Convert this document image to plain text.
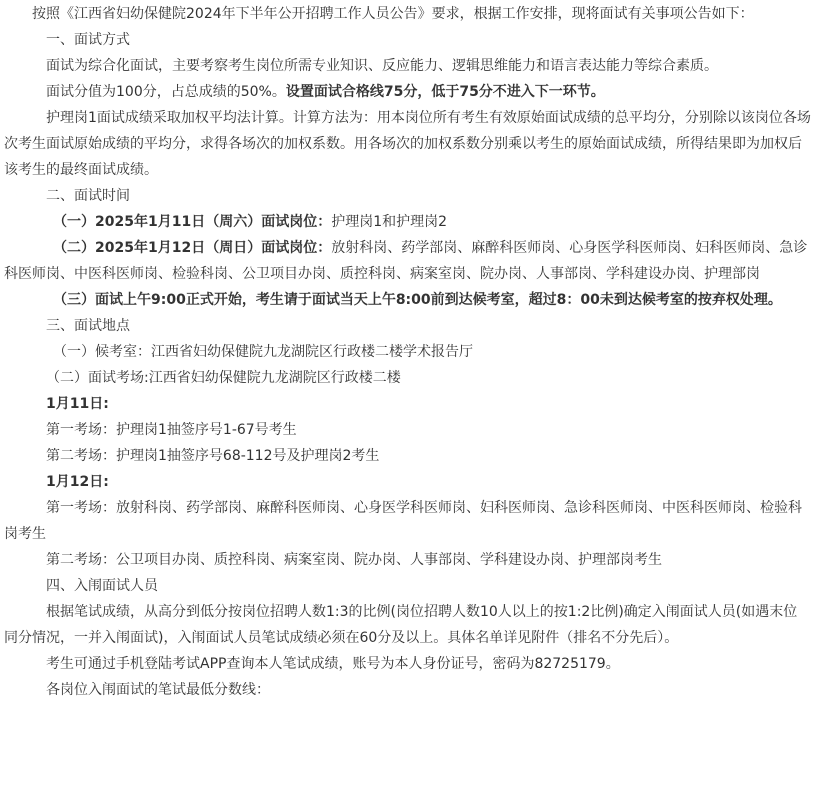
按照《江西省妇幼保健院2024年下半年公开招聘工作人员公告》要求，根据工作安排，现将面试有关事项公告如下：

一、面试方式

面试为综合化面试，主要考察考生岗位所需专业知识、反应能力、逻辑思维能力和语言表达能力等综合素质。

面试分值为100分，占总成绩的50%。设置面试合格线75分，低于75分不进入下一环节。

护理岗1面试成绩采取加权平均法计算。计算方法为：用本岗位所有考生有效原始面试成绩的总平均分，分别除以该岗位各场次考生面试原始成绩的平均分，求得各场次的加权系数。用各场次的加权系数分别乘以考生的原始面试成绩，所得结果即为加权后该考生的最终面试成绩。

二、面试时间

（一）2025年1月11日（周六）面试岗位：护理岗1和护理岗2

（二）2025年1月12日（周日）面试岗位：放射科岗、药学部岗、麻醉科医师岗、心身医学科医师岗、妇科医师岗、急诊科医师岗、中医科医师岗、检验科岗、公卫项目办岗、质控科岗、病案室岗、院办岗、人事部岗、学科建设办岗、护理部岗

（三）面试上午9:00正式开始，考生请于面试当天上午8:00前到达候考室，超过8：00未到达候考室的按弃权处理。

三、面试地点

（一）候考室：江西省妇幼保健院九龙湖院区行政楼二楼学术报告厅

（二）面试考场:江西省妇幼保健院九龙湖院区行政楼二楼

1月11日:

第一考场：护理岗1抽签序号1-67号考生

第二考场：护理岗1抽签序号68-112号及护理岗2考生

1月12日:

第一考场：放射科岗、药学部岗、麻醉科医师岗、心身医学科医师岗、妇科医师岗、急诊科医师岗、中医科医师岗、检验科岗考生

第二考场：公卫项目办岗、质控科岗、病案室岗、院办岗、人事部岗、学科建设办岗、护理部岗考生

四、入闱面试人员

根据笔试成绩，从高分到低分按岗位招聘人数1:3的比例(岗位招聘人数10人以上的按1:2比例)确定入闱面试人员(如遇末位同分情况，一并入闱面试)，入闱面试人员笔试成绩必须在60分及以上。具体名单详见附件（排名不分先后）。

考生可通过手机登陆考试APP查询本人笔试成绩，账号为本人身份证号，密码为82725179。

各岗位入闱面试的笔试最低分数线：
